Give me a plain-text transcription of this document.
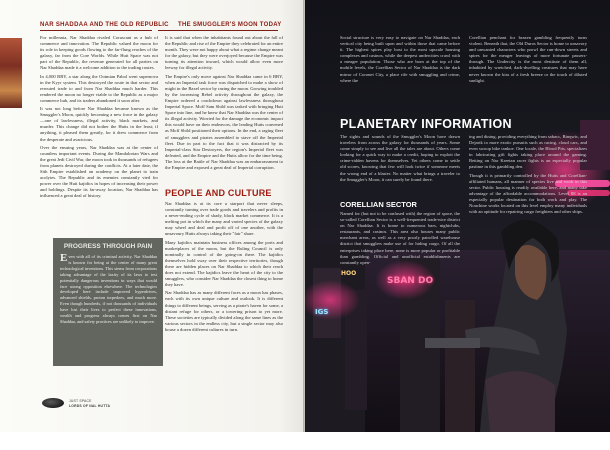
NAR SHADDAA AND THE OLD REPUBLIC THE SMUGGLER'S MOON TODAY

For millennia, Nar Shaddaa rivaled Coruscant as a hub of commerce and innovation. The Republic valued the moon for its role in keeping goods flowing to the far-flung reaches of the galaxy, far from the Core Worlds. While Hutt Space was not part of the Republic, the revenue generated for all parties on Nar Shaddaa made it a welcome addition to the trading routes.

In 4,000 BBY, a star along the Ootmian Pabol went supernova in the Kyyr system. This destroyed the route in that sector and rerouted trade to and from Nar Shaddaa much harder. This rendered the moon no longer viable to the Republic as a major commerce hub, and its traders abandoned it soon after.

It was not long before Nar Shaddaa became known as the Smuggler's Moon, quickly becoming a new force in the galaxy—one of lawlessness, illegal activity, black markets, and murder. This change did not bother the Hutts in the least; if anything, it pleased them greatly, for it drew commerce from the desperate and avaricious.

Over the ensuing years, Nar Shaddaa was at the center of countless important events. During the Mandalorian Wars and the great Jedi Civil War, the moon took in thousands of refugees from planets destroyed during the conflicts. At a later date, the Sith Empire established an academy on the planet to train acolytes. The Republic and its enemies constantly vied for power over the Hutt kajidics in hopes of increasing their power and holdings. Despite its far-away location, Nar Shaddaa has influenced a great deal of history.

PROGRESS THROUGH PAIN
Even with all of its criminal activity, Nar Shaddaa is known for being at the center of many great technological inventions. This stems from corporations taking advantage of the laxity of its laws to test potentially dangerous inventions in ways that would face strong opposition elsewhere. The technologies developed here include improved hyperdrives, advanced shields, proton torpedoes, and much more. Even though hundreds, if not thousands of individuals have lost their lives to perfect these innovations, wealth and progress always comes first on Nar Shaddaa, and safety practices are unlikely to improve.

It is said that when the inhabitants found out about the fall of the Republic and rise of the Empire they celebrated for an entire month. They were not happy about what a regime change meant for the galaxy, but they were overjoyed because the Empire was turning its attention inward, which would allow even more leeway for illegal activity.

The Empire's only move against Nar Shaddaa came in 6 BBY, when an Imperial task force was dispatched to make a show of might in the Baxel sector by razing the moon. Growing troubled by the increasing Rebel activity throughout the galaxy, the Empire ordered a crackdown against lawlessness throughout Imperial Space. Moff Sam Shild was tasked with bringing Hutt Space into line, and he knew that Nar Shaddaa was the center of its illegal activity. Worried for the damage the economic impact this would have on their endeavors, the leading Hutts convened as Moff Shild positioned their options. In the end, a raging fleet of smugglers and pirates assembled to stave off the Imperial fleet. Due in part to the fact that it was distracted by its Imperial-class Star Destroyers, the region's Imperial fleet was defeated, and the Empire and the Hutts allow for the time being. The loss at the Battle of Nar Shaddaa was an embarrassment to the Empire and exposed a great deal of Imperial corruption.

PEOPLE AND CULTURE

Nar Shaddaa is at its core a starport that never sleeps, constantly turning over trade goods and travelers and profits in a never-ending cycle of shady, black market commerce. It is a melting pot in which the many and varied species of the galaxy may wheel and deal and profit off of one another, with the unsavoury Hutts always taking their "fair" share.

Many kajidics maintain business offices among the ports and marketplaces of the moon, but the Ruling Council is only nominally in control of the going-on there. The kajidics themselves hold sway over their respective territories, though there are hidden places on Nar Shaddaa to which their reach does not extend. The kajidics leave the heart of the city to the smugglers, who consider Nar Shaddaa the closest thing to home they have.

Nar Shaddaa has as many different faces as a moon has phases, each with its own unique culture and outlook. It is different things to different beings, serving as a pirate's haven for some, a distant refuge for others, or a towering prison to yet more. These societies are typically divided along the same lines as the various sectors in the endless city, but a single sector may also house a dozen different cultures in turn.

JUST SPACE
LORDS OF NAL HUTTA
SBAN DO
IGS
HOO

Social structure is very easy to navigate on Nar Shaddaa, each vertical city being built upon and within those that came before it. The highest spires play host to the most upscale housing complexes and casinos, while the deepest undercities crawl with a meager population. Those who are born at the top of the mobile levels, the Corellian Sector of Nar Shaddaa is the dark mirror of Coronet City, a place rife with smuggling and crime, where the

Corellian penchant for brazen gambling frequently turns violent. Beneath that, the Old Duros Sector is home to unsavory and unwanted characters who prowl the run-down streets and spires for the meager leavings of more fortunate passers-through. The Undercity is the most destitute of them all, inhabited by wretched, dark-dwelling creatures that may have never known the kiss of a fresh breeze or the touch of diluted sunlight.

PLANETARY INFORMATION

The sights and sounds of the Smuggler's Moon have drawn travelers from across the galaxy for thousands of years. Some come simply to see and live all the tales are about. Others come looking for a quick way to make a credit, hoping to exploit the crime-ridden havens for themselves. Yet others come to settle old scores, knowing that few will look twice if someone meets the wrong end of a blaster. No matter what brings a traveler to the Smuggler's Moon, it can surely be found there.

CORELLIAN SECTOR

Named for (but not to be confused with) the region of space, the so-called Corellian Sector is a well-frequented trade-nice district on Nar Shaddaa. It is home to numerous bars, nightclubs, restaurants, and casinos. This area also houses many public merchant areas, as well as a very poorly patrolled warehouse district that smugglers make use of for hiding cargo. Of all the enterprises taking place here, none is more popular or profitable than gambling. Official and unofficial establishments are constantly open-

ing and dining, providing everything from sabacc, Binqwic, and Dejarik to more exotic pursuits such as racing, cloud cars, and even swoop bike tankoe. One locale, the Blood Pits, specializes in fabricating gift fights taking place around the gaming. Betting on Nar Kreetan racer fights is an especially popular pastime in this gambling den.

Though it is primarily controlled by the Hutts and Corellian-affiliated humans, all manner of species live and work in this sector. Public housing is readily available here, and many take advantage of the affordable accommodations. Level 88 is an especially popular destination for both work and play. The Nouchine works located on this level employ many individuals with an aptitude for repairing cargo freighters and other ships.
